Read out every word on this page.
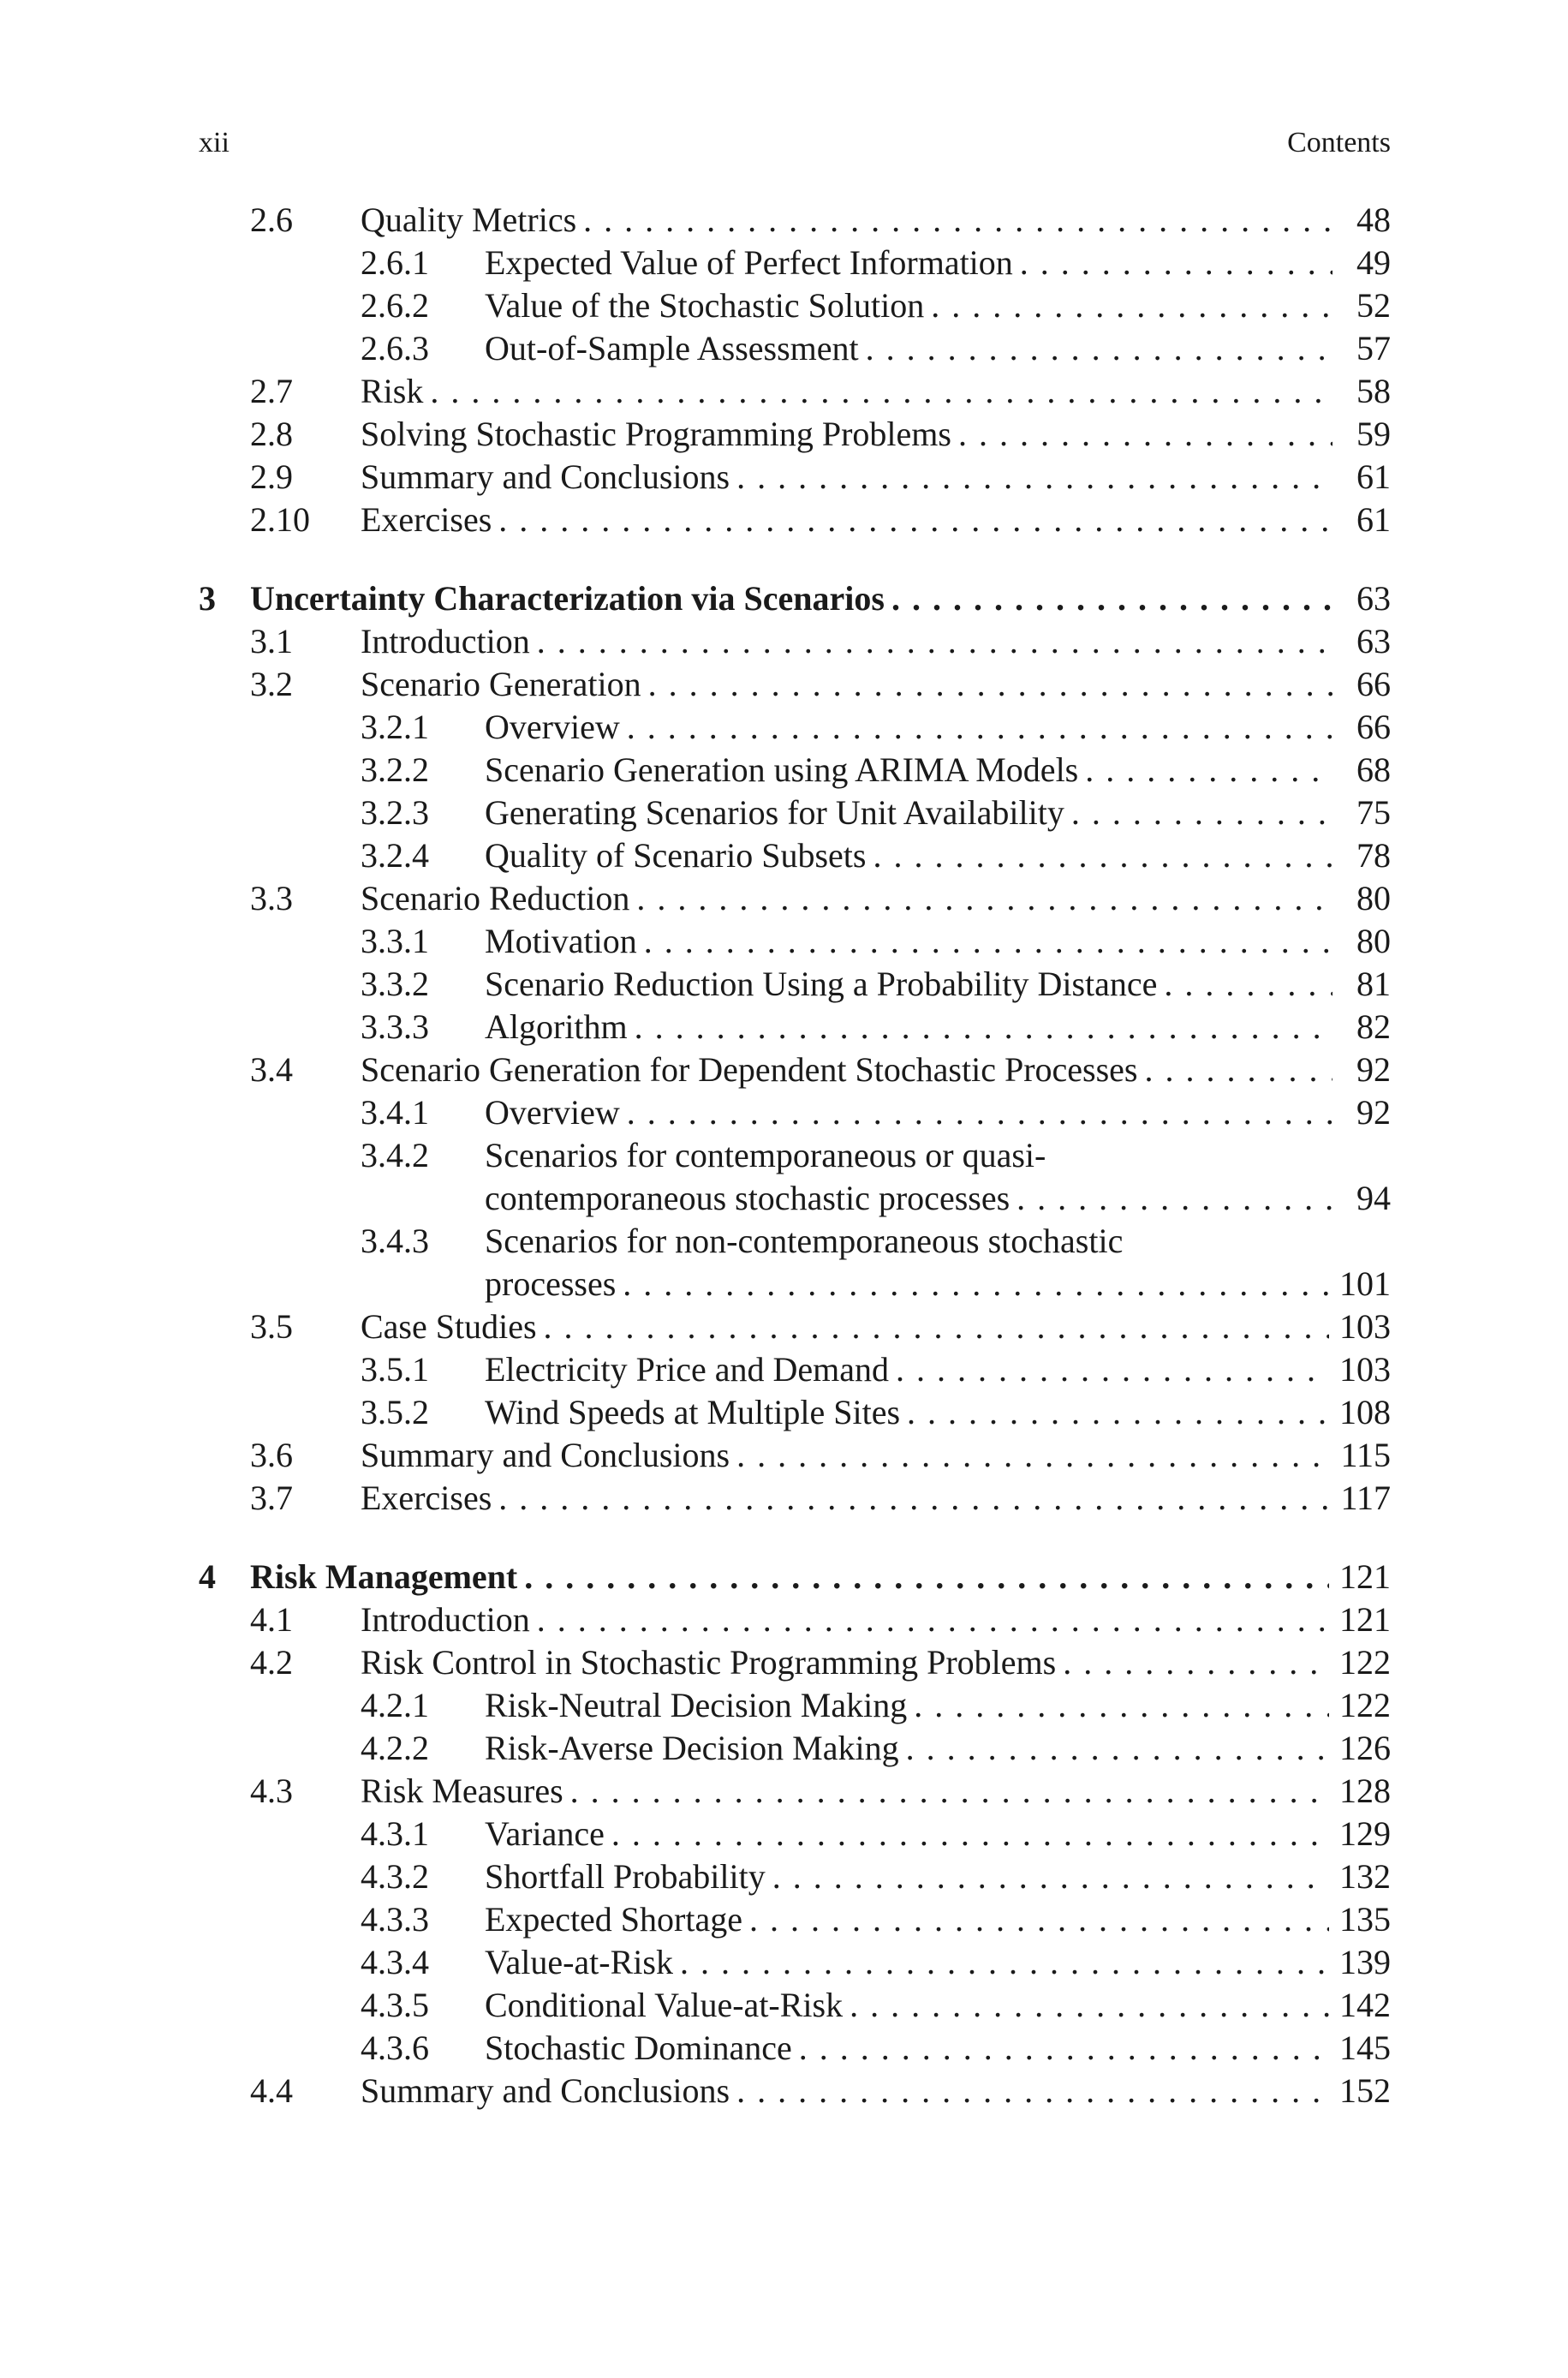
xii	Contents
2.6	Quality Metrics . . .	48
2.6.1	Expected Value of Perfect Information . . .	49
2.6.2	Value of the Stochastic Solution . . .	52
2.6.3	Out-of-Sample Assessment . . .	57
2.7	Risk . . .	58
2.8	Solving Stochastic Programming Problems . . .	59
2.9	Summary and Conclusions . . .	61
2.10	Exercises . . .	61
3	Uncertainty Characterization via Scenarios . . .	63
3.1	Introduction . . .	63
3.2	Scenario Generation . . .	66
3.2.1	Overview . . .	66
3.2.2	Scenario Generation using ARIMA Models . . .	68
3.2.3	Generating Scenarios for Unit Availability . . .	75
3.2.4	Quality of Scenario Subsets . . .	78
3.3	Scenario Reduction . . .	80
3.3.1	Motivation . . .	80
3.3.2	Scenario Reduction Using a Probability Distance . . .	81
3.3.3	Algorithm . . .	82
3.4	Scenario Generation for Dependent Stochastic Processes . . .	92
3.4.1	Overview . . .	92
3.4.2	Scenarios for contemporaneous or quasi-
contemporaneous stochastic processes . . .	94
3.4.3	Scenarios for non-contemporaneous stochastic
processes . . .	101
3.5	Case Studies . . .	103
3.5.1	Electricity Price and Demand . . .	103
3.5.2	Wind Speeds at Multiple Sites . . .	108
3.6	Summary and Conclusions . . .	115
3.7	Exercises . . .	117
4	Risk Management . . .	121
4.1	Introduction . . .	121
4.2	Risk Control in Stochastic Programming Problems . . .	122
4.2.1	Risk-Neutral Decision Making . . .	122
4.2.2	Risk-Averse Decision Making . . .	126
4.3	Risk Measures . . .	128
4.3.1	Variance . . .	129
4.3.2	Shortfall Probability . . .	132
4.3.3	Expected Shortage . . .	135
4.3.4	Value-at-Risk . . .	139
4.3.5	Conditional Value-at-Risk . . .	142
4.3.6	Stochastic Dominance . . .	145
4.4	Summary and Conclusions . . .	152
